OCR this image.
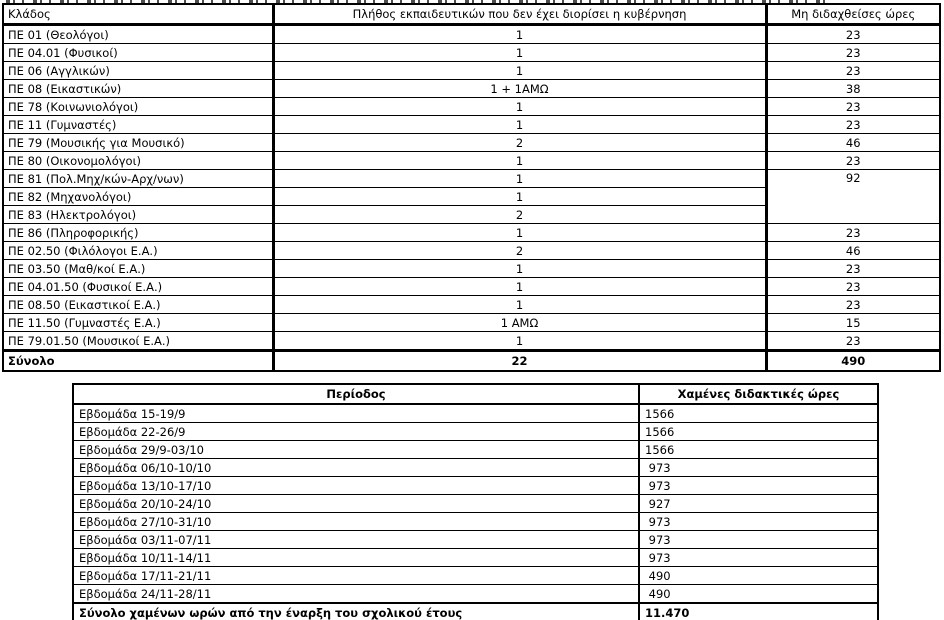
Κλάδος	Πλήθος εκπαιδευτικών που δεν έχει διορίσει η κυβέρνηση	Μη διδαχθείσες ώρες
ΠΕ 01 (Θεολόγοι)	1	23
ΠΕ 04.01 (Φυσικοί)	1	23
ΠΕ 06 (Αγγλικών)	1	23
ΠΕ 08 (Εικαστικών)	1 + 1ΑΜΩ	38
ΠΕ 78 (Κοινωνιολόγοι)	1	23
ΠΕ 11 (Γυμναστές)	1	23
ΠΕ 79 (Μουσικής για Μουσικό)	2	46
ΠΕ 80 (Οικονομολόγοι)	1	23
ΠΕ 81 (Πολ.Μηχ/κών-Αρχ/νων)	1	92
ΠΕ 82 (Μηχανολόγοι)	1	
ΠΕ 83 (Ηλεκτρολόγοι)	2	
ΠΕ 86 (Πληροφορικής)	1	23
ΠΕ 02.50 (Φιλόλογοι Ε.Α.)	2	46
ΠΕ 03.50 (Μαθ/κοί Ε.Α.)	1	23
ΠΕ 04.01.50 (Φυσικοί Ε.Α.)	1	23
ΠΕ 08.50 (Εικαστικοί Ε.Α.)	1	23
ΠΕ 11.50 (Γυμναστές Ε.Α.)	1 ΑΜΩ	15
ΠΕ 79.01.50 (Μουσικοί Ε.Α.)	1	23
Σύνολο	22	490
Περίοδος	Χαμένες διδακτικές ώρες
Εβδομάδα 15-19/9	1566
Εβδομάδα 22-26/9	1566
Εβδομάδα 29/9-03/10	1566
Εβδομάδα 06/10-10/10	973
Εβδομάδα 13/10-17/10	973
Εβδομάδα 20/10-24/10	927
Εβδομάδα 27/10-31/10	973
Εβδομάδα 03/11-07/11	973
Εβδομάδα 10/11-14/11	973
Εβδομάδα 17/11-21/11	490
Εβδομάδα 24/11-28/11	490
Σύνολο χαμένων ωρών από την έναρξη του σχολικού έτους	11.470
